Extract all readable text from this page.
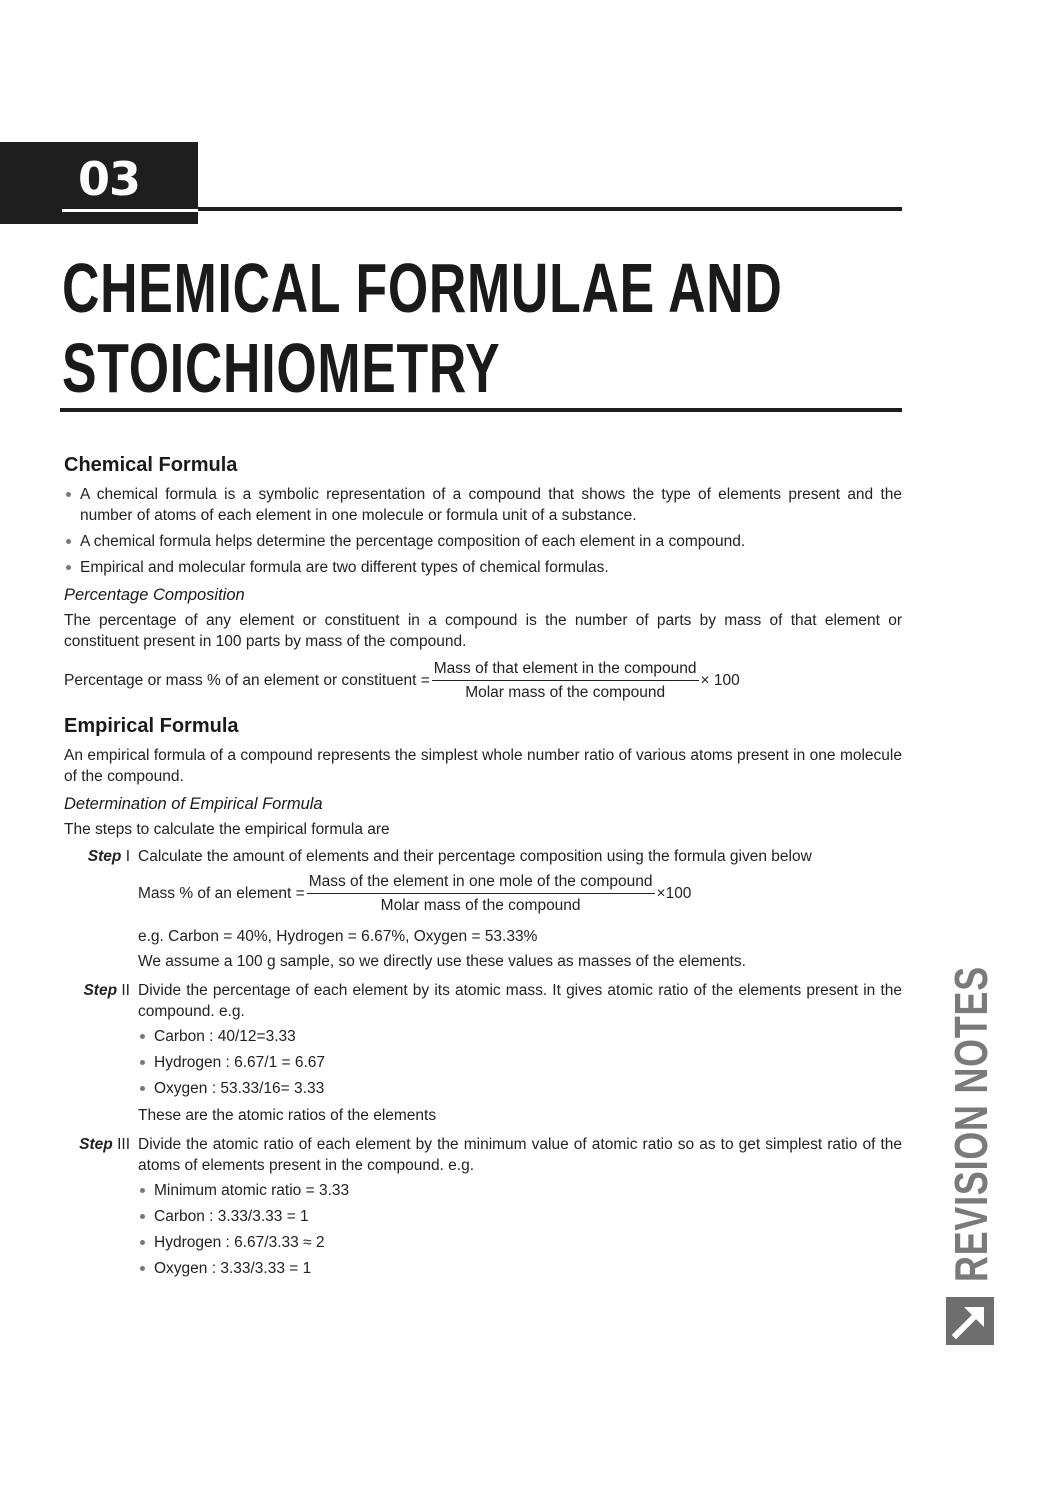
03
CHEMICAL FORMULAE AND
STOICHIOMETRY
Chemical Formula
A chemical formula is a symbolic representation of a compound that shows the type of elements present and the number of atoms of each element in one molecule or formula unit of a substance.
A chemical formula helps determine the percentage composition of each element in a compound.
Empirical and molecular formula are two different types of chemical formulas.
Percentage Composition

The percentage of any element or constituent in a compound is the number of parts by mass of that element or constituent present in 100 parts by mass of the compound.

Percentage or mass % of an element or constituent = $\frac{\text{Mass of that element in the compound}}{\text{Molar mass of the compound}} \times 100$
Empirical Formula

An empirical formula of a compound represents the simplest whole number ratio of various atoms present in one molecule of the compound.

Determination of Empirical Formula

The steps to calculate the empirical formula are

Step I Calculate the amount of elements and their percentage composition using the formula given below

Mass % of an element = $\frac{\text{Mass of the element in one mole of the compound}}{\text{Molar mass of the compound}} \times 100$

e.g. Carbon = 40%, Hydrogen = 6.67%, Oxygen = 53.33%

We assume a 100 g sample, so we directly use these values as masses of the elements.

Step II Divide the percentage of each element by its atomic mass. It gives atomic ratio of the elements present in the compound. e.g.

Carbon : 40/12=3.33
Hydrogen : 6.67/1 = 6.67
Oxygen : 53.33/16= 3.33

These are the atomic ratios of the elements

Step III Divide the atomic ratio of each element by the minimum value of atomic ratio so as to get simplest ratio of the atoms of elements present in the compound. e.g.

Minimum atomic ratio = 3.33
Carbon : 3.33/3.33 = 1
Hydrogen : 6.67/3.33 ≈ 2
Oxygen : 3.33/3.33 = 1	REVISION NOTES
